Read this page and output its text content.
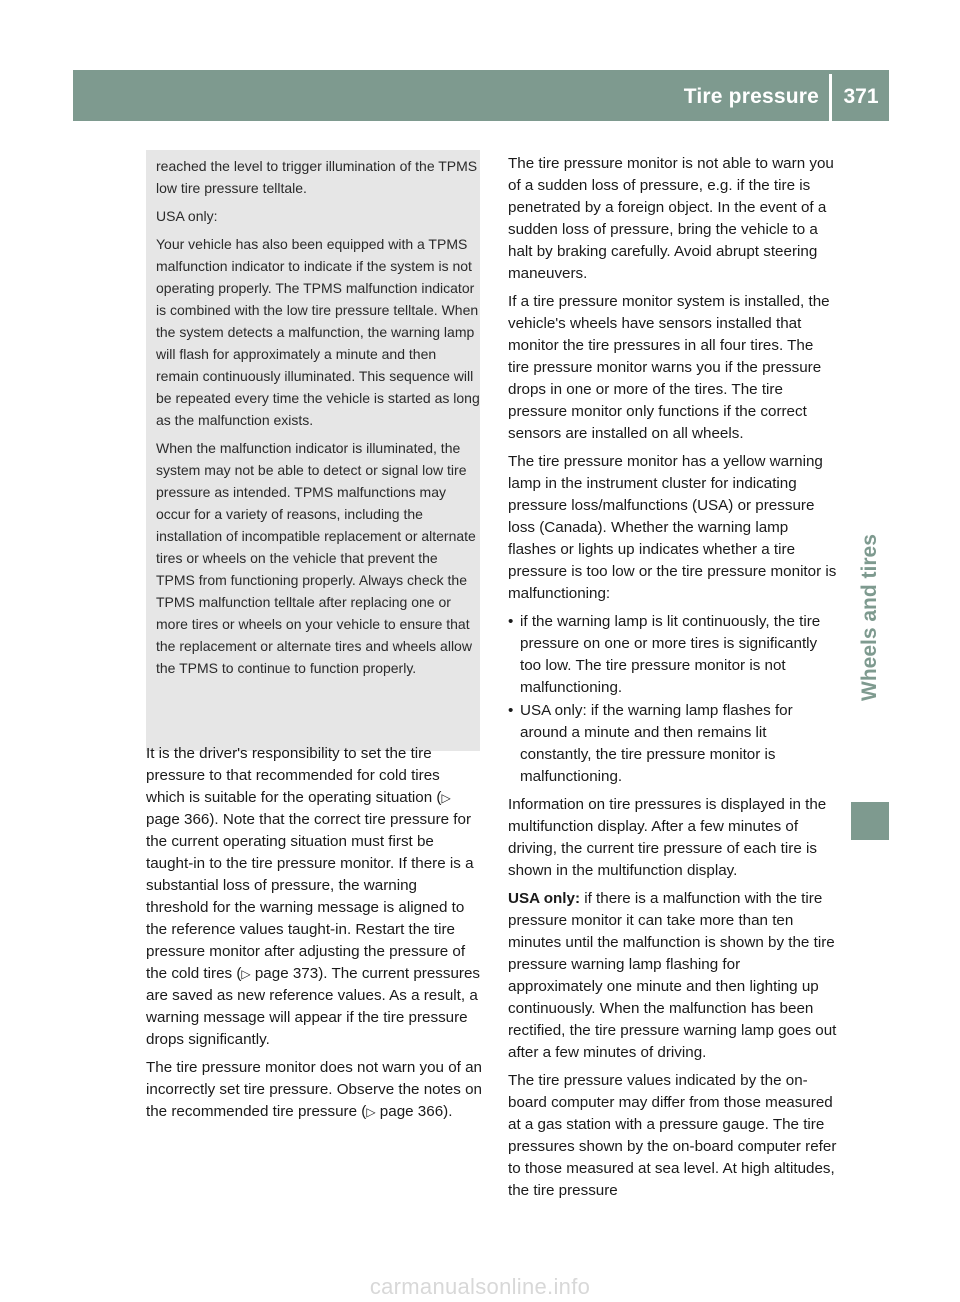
Tire pressure	371
Wheels and tires

reached the level to trigger illumination of the TPMS low tire pressure telltale.

USA only:

Your vehicle has also been equipped with a TPMS malfunction indicator to indicate if the system is not operating properly. The TPMS malfunction indicator is combined with the low tire pressure telltale. When the system detects a malfunction, the warning lamp will flash for approximately a minute and then remain continuously illuminated. This sequence will be repeated every time the vehicle is started as long as the malfunction exists.

When the malfunction indicator is illuminated, the system may not be able to detect or signal low tire pressure as intended. TPMS malfunctions may occur for a variety of reasons, including the installation of incompatible replacement or alternate tires or wheels on the vehicle that prevent the TPMS from functioning properly. Always check the TPMS malfunction telltale after replacing one or more tires or wheels on your vehicle to ensure that the replacement or alternate tires and wheels allow the TPMS to continue to function properly.

It is the driver's responsibility to set the tire pressure to that recommended for cold tires which is suitable for the operating situation (▷ page 366). Note that the correct tire pressure for the current operating situation must first be taught-in to the tire pressure monitor. If there is a substantial loss of pressure, the warning threshold for the warning message is aligned to the reference values taught-in. Restart the tire pressure monitor after adjusting the pressure of the cold tires (▷ page 373). The current pressures are saved as new reference values. As a result, a warning message will appear if the tire pressure drops significantly.

The tire pressure monitor does not warn you of an incorrectly set tire pressure. Observe the notes on the recommended tire pressure (▷ page 366).

The tire pressure monitor is not able to warn you of a sudden loss of pressure, e.g. if the tire is penetrated by a foreign object. In the event of a sudden loss of pressure, bring the vehicle to a halt by braking carefully. Avoid abrupt steering maneuvers.

If a tire pressure monitor system is installed, the vehicle's wheels have sensors installed that monitor the tire pressures in all four tires. The tire pressure monitor warns you if the pressure drops in one or more of the tires. The tire pressure monitor only functions if the correct sensors are installed on all wheels.

The tire pressure monitor has a yellow warning lamp in the instrument cluster for indicating pressure loss/malfunctions (USA) or pressure loss (Canada). Whether the warning lamp flashes or lights up indicates whether a tire pressure is too low or the tire pressure monitor is malfunctioning:

• if the warning lamp is lit continuously, the tire pressure on one or more tires is significantly too low. The tire pressure monitor is not malfunctioning.
• USA only: if the warning lamp flashes for around a minute and then remains lit constantly, the tire pressure monitor is malfunctioning.

Information on tire pressures is displayed in the multifunction display. After a few minutes of driving, the current tire pressure of each tire is shown in the multifunction display.

USA only: if there is a malfunction with the tire pressure monitor it can take more than ten minutes until the malfunction is shown by the tire pressure warning lamp flashing for approximately one minute and then lighting up continuously. When the malfunction has been rectified, the tire pressure warning lamp goes out after a few minutes of driving.

The tire pressure values indicated by the on-board computer may differ from those measured at a gas station with a pressure gauge. The tire pressures shown by the on-board computer refer to those measured at sea level. At high altitudes, the tire pressure

carmanualsonline.info
